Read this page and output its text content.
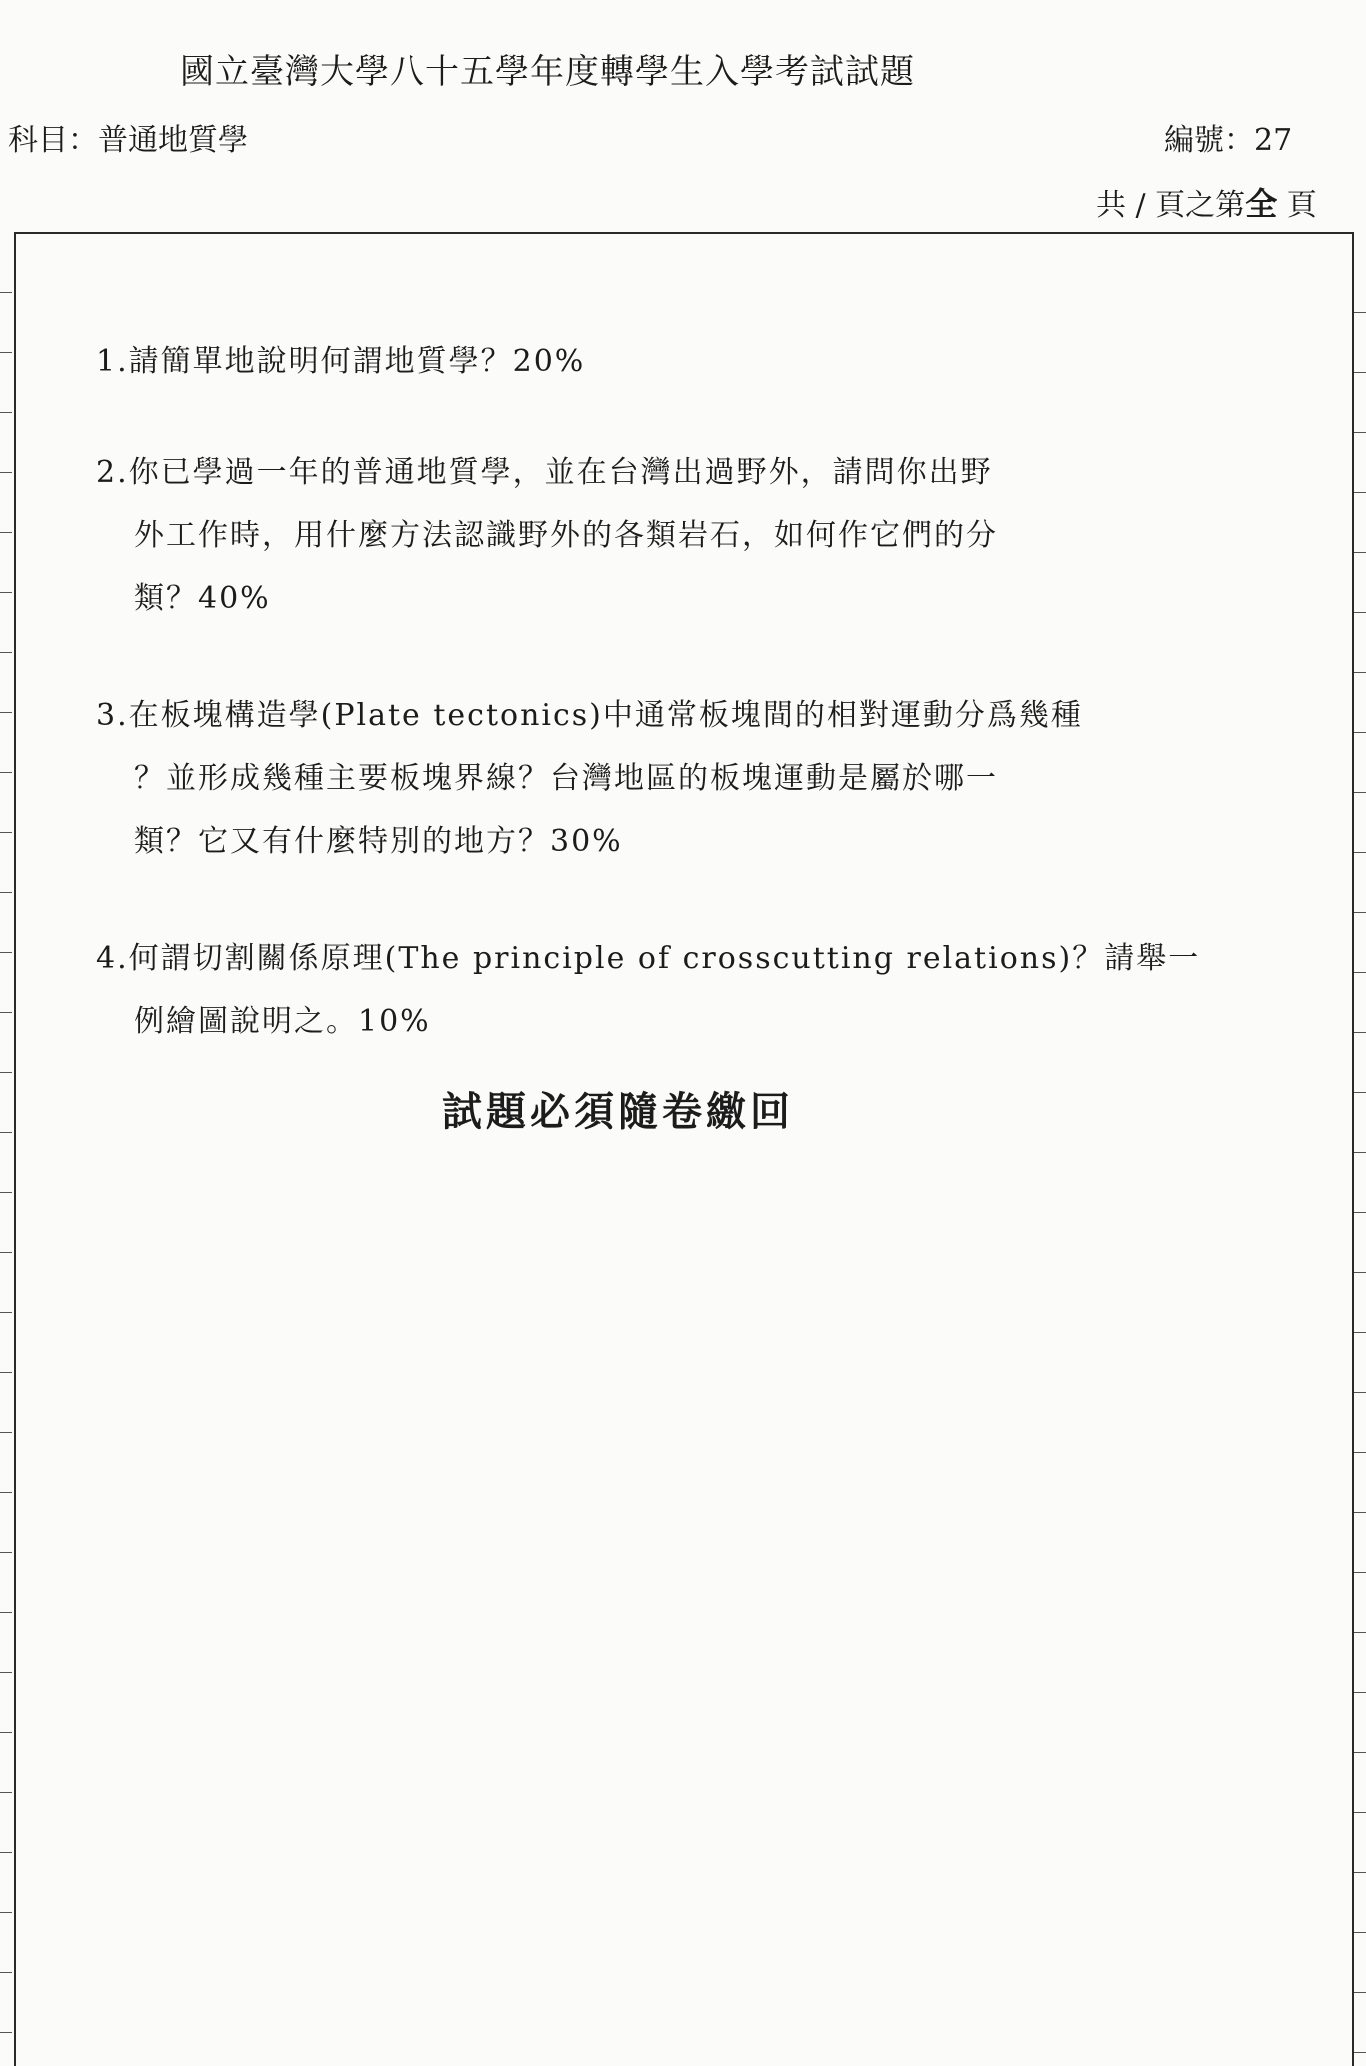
國立臺灣大學八十五學年度轉學生入學考試試題
科目：普通地質學	編號：27
共 / 頁之第全 頁
1.請簡單地說明何謂地質學？20%
2.你已學過一年的普通地質學，並在台灣出過野外，請問你出野
外工作時，用什麼方法認識野外的各類岩石，如何作它們的分
類？40%
3.在板塊構造學(Plate tectonics)中通常板塊間的相對運動分爲幾種
？並形成幾種主要板塊界線？台灣地區的板塊運動是屬於哪一
類？它又有什麼特別的地方？30%
4.何謂切割關係原理(The principle of crosscutting relations)？請舉一
例繪圖說明之。10%
試題必須隨卷繳回
